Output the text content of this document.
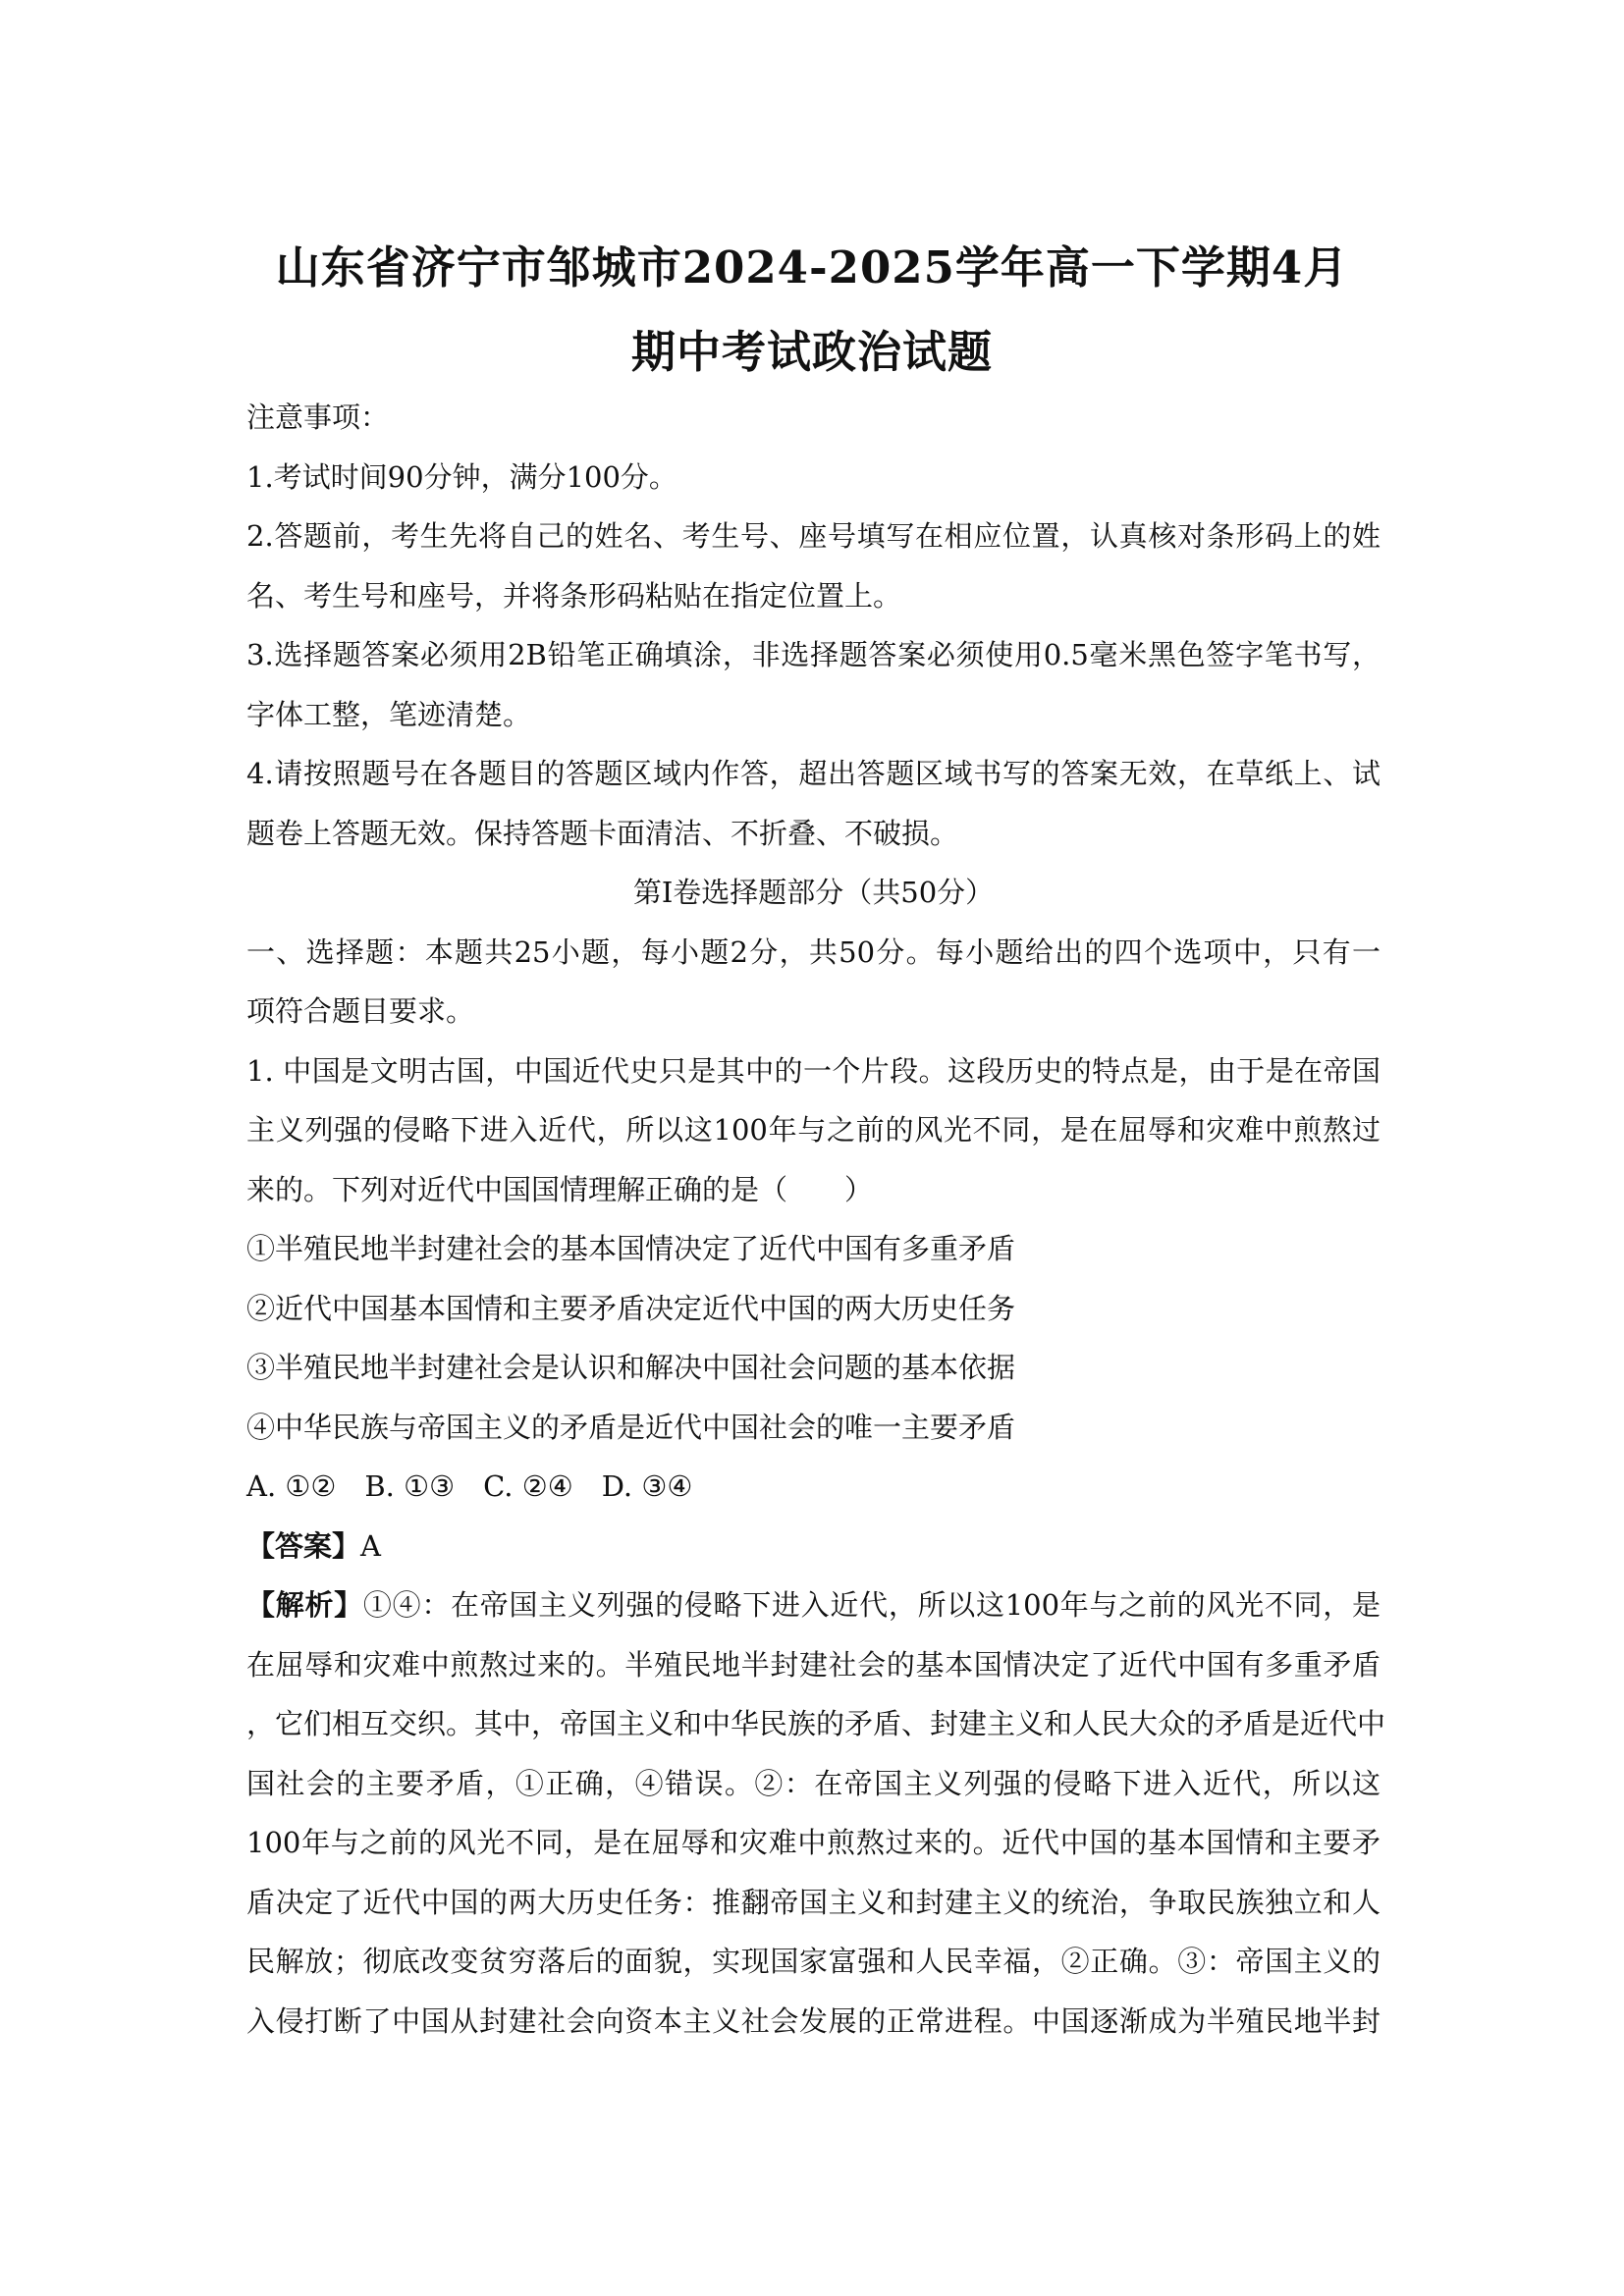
山东省济宁市邹城市2024-2025学年高一下学期4月
期中考试政治试题
注意事项：
1.考试时间90分钟，满分100分。
2.答题前，考生先将自己的姓名、考生号、座号填写在相应位置，认真核对条形码上的姓
名、考生号和座号，并将条形码粘贴在指定位置上。
3.选择题答案必须用2B铅笔正确填涂，非选择题答案必须使用0.5毫米黑色签字笔书写，
字体工整，笔迹清楚。
4.请按照题号在各题目的答题区域内作答，超出答题区域书写的答案无效，在草纸上、试
题卷上答题无效。保持答题卡面清洁、不折叠、不破损。
第Ⅰ卷选择题部分（共50分）
一、选择题：本题共25小题，每小题2分，共50分。每小题给出的四个选项中，只有一
项符合题目要求。
1. 中国是文明古国，中国近代史只是其中的一个片段。这段历史的特点是，由于是在帝国
主义列强的侵略下进入近代，所以这100年与之前的风光不同，是在屈辱和灾难中煎熬过
来的。下列对近代中国国情理解正确的是（　　）
①半殖民地半封建社会的基本国情决定了近代中国有多重矛盾
②近代中国基本国情和主要矛盾决定近代中国的两大历史任务
③半殖民地半封建社会是认识和解决中国社会问题的基本依据
④中华民族与帝国主义的矛盾是近代中国社会的唯一主要矛盾
A. ①②　B. ①③　C. ②④　D. ③④
【答案】A
【解析】①④：在帝国主义列强的侵略下进入近代，所以这100年与之前的风光不同，是
在屈辱和灾难中煎熬过来的。半殖民地半封建社会的基本国情决定了近代中国有多重矛盾
，它们相互交织。其中，帝国主义和中华民族的矛盾、封建主义和人民大众的矛盾是近代中
国社会的主要矛盾，①正确，④错误。②：在帝国主义列强的侵略下进入近代，所以这
100年与之前的风光不同，是在屈辱和灾难中煎熬过来的。近代中国的基本国情和主要矛
盾决定了近代中国的两大历史任务：推翻帝国主义和封建主义的统治，争取民族独立和人
民解放；彻底改变贫穷落后的面貌，实现国家富强和人民幸福，②正确。③：帝国主义的
入侵打断了中国从封建社会向资本主义社会发展的正常进程。中国逐渐成为半殖民地半封
